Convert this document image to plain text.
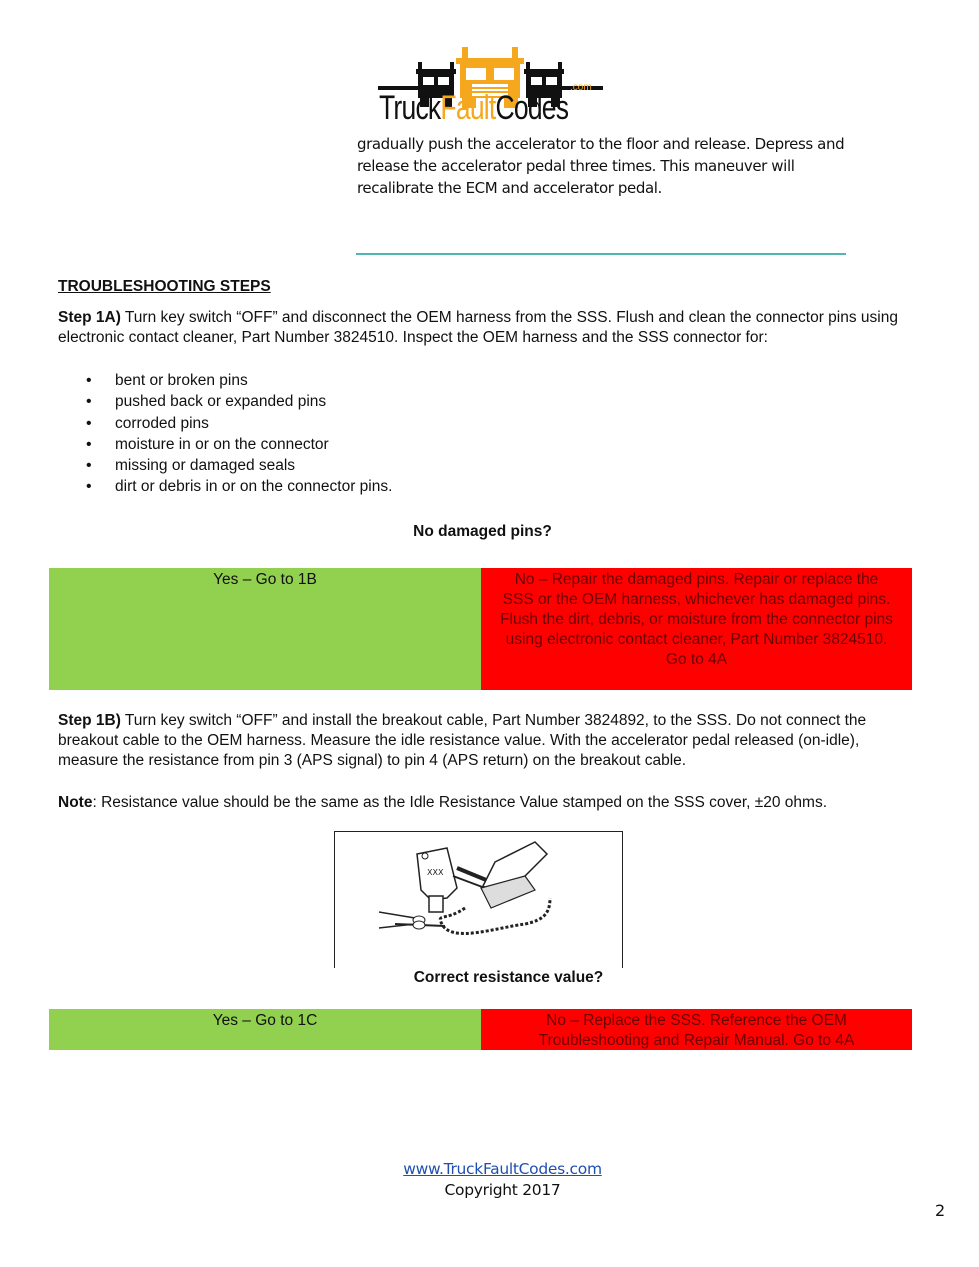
TruckFaultCodes
.com

gradually push the accelerator to the floor and release. Depress and

release the accelerator pedal three times. This maneuver will

recalibrate the ECM and accelerator pedal.

TROUBLESHOOTING STEPS
Step 1A) Turn key switch “OFF” and disconnect the OEM harness from the SSS. Flush and clean the connector pins using electronic contact cleaner, Part Number 3824510. Inspect the OEM harness and the SSS connector for:
• bent or broken pins
• pushed back or expanded pins
• corroded pins
• moisture in or on the connector
• missing or damaged seals
• dirt or debris in or on the connector pins.
No damaged pins?
Yes – Go to 1B	No – Repair the damaged pins. Repair or replace the SSS or the OEM harness, whichever has damaged pins. Flush the dirt, debris, or moisture from the connector pins using electronic contact cleaner, Part Number 3824510.
Go to 4A
Step 1B) Turn key switch “OFF” and install the breakout cable, Part Number 3824892, to the SSS. Do not connect the breakout cable to the OEM harness. Measure the idle resistance value. With the accelerator pedal released (on-idle), measure the resistance from pin 3 (APS signal) to pin 4 (APS return) on the breakout cable.
Note: Resistance value should be the same as the Idle Resistance Value stamped on the SSS cover, ±20 ohms.
XXX
Correct resistance value?
Yes – Go to 1C	No – Replace the SSS. Reference the OEM Troubleshooting and Repair Manual. Go to 4A
www.TruckFaultCodes.com
Copyright 2017
2
